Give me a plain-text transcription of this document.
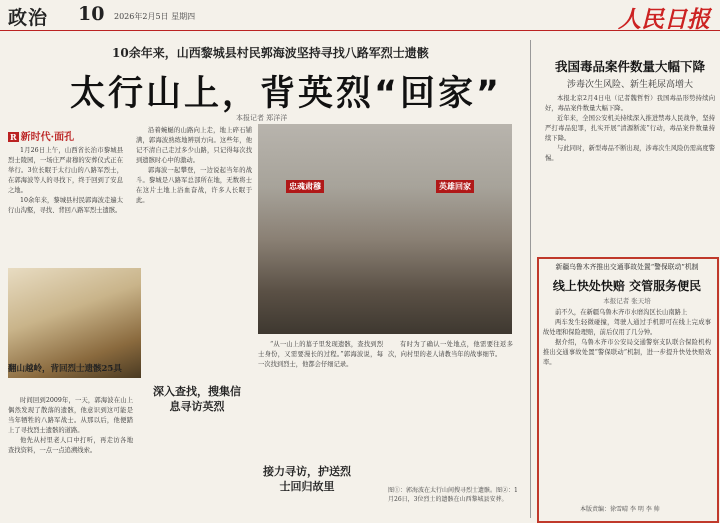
政治 10 2026年2月5日 星期四	人民日报
10余年来，山西黎城县村民郭海波坚持寻找八路军烈士遗骸
太行山上，背英烈“回家”
本报记者 郑洋洋
R 新时代·面孔

1月26日上午，山西省长治市黎城县烈士陵园，一场庄严肃穆的安葬仪式正在举行。3位长眠于太行山的八路军烈士，在郭海波等人的寻找下，终于回到了安息之地。

10余年来，黎城县村民郭海波走遍太行山沟壑，寻找、背回八路军烈士遗骸。

翻山越岭，背回烈士遗骸25具

时间回到2009年，一天，郭海波在山上偶然发现了散落的遗骸，他意识到这可能是当年牺牲的八路军战士。从那以后，他便踏上了寻找烈士遗骸的道路。

他先从村里老人口中打听，再走访各地查找资料，一点一点追溯线索。

沿着蜿蜒的山路向上走，地上碎石铺满，郭海波熟练地辨别方向。这些年，他记不清自己走过多少山路，只记得每次找到遗骸时心中的激动。

郭海波一起攀登，一边说起当年的战斗。黎城是八路军总部所在地，无数将士在这片土地上浴血奋战，许多人长眠于此。

忠魂肃穆	英雄回家
深入查找，搜集信息寻访英烈
接力寻访，护送烈士回归故里

“从一山上的墓子里发现遗骸，查找到烈士身份，又需要漫长的过程。”郭海波说，每一次找到烈士，他都会仔细记录。

有时为了确认一处地点，他需要往返多次，向村里的老人请教当年的战事细节。

图①：郭海波在太行山间搜寻烈士遗骸。图②：1月26日，3位烈士的遗骸在山西黎城县安葬。
我国毒品案件数量大幅下降
涉毒次生风险、新生耗尿高增大

本报北京2月4日电（记者魏哲哲）我国毒品形势持续向好，毒品案件数量大幅下降。

近年来，全国公安机关持续深入推进禁毒人民战争，坚持严打毒品犯罪，扎实开展“清源断流”行动，毒品案件数量持续下降。

与此同时，新型毒品不断出现，涉毒次生风险仍需高度警惕。

新疆乌鲁木齐推出交通事故处置“警保联动”机制
线上快处快赔 交管服务便民
本报记者 张天培

前不久，在新疆乌鲁木齐市水磨沟区长山南路上

两车发生轻微碰撞，驾驶人通过手机即可在线上完成事故处理和保险理赔，前后仅用了几分钟。

据介绍，乌鲁木齐市公安局交通警察支队联合保险机构推出交通事故处置“警保联动”机制，进一步提升快处快赔效率。

本版责编：徐雪晴 李 明 李 帅
